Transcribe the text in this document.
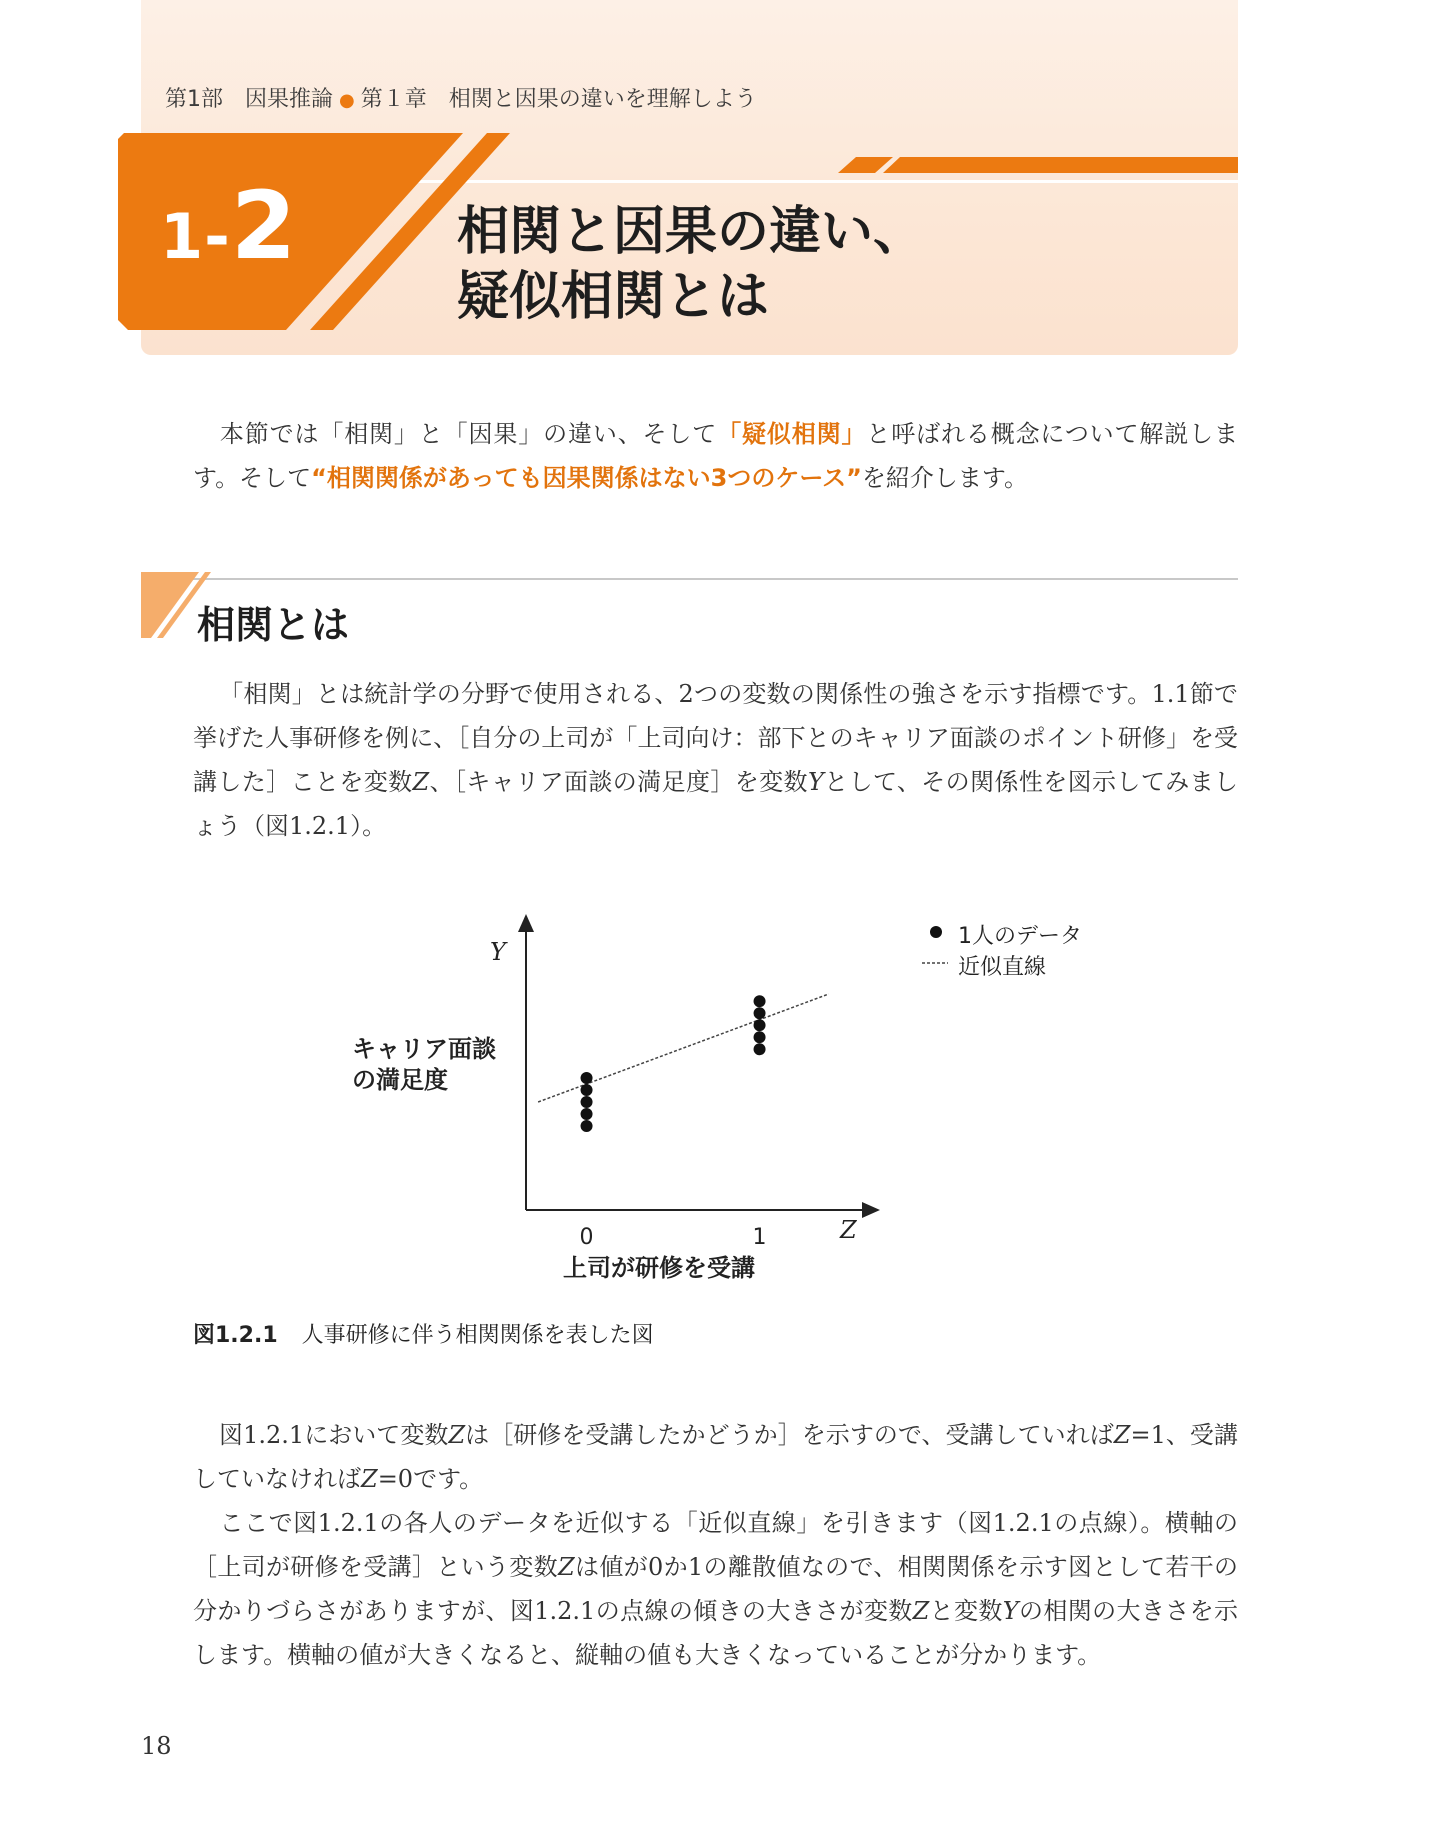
第1部　因果推論 ● 第１章　相関と因果の違いを理解しよう
1-2	相関と因果の違い、
疑似相関とは
本節では「相関」と「因果」の違い、そして「疑似相関」と呼ばれる概念について解説します。そして“相関関係があっても因果関係はない3つのケース”を紹介します。
相関とは
「相関」とは統計学の分野で使用される、2つの変数の関係性の強さを示す指標です。1.1節で挙げた人事研修を例に、［自分の上司が「上司向け：部下とのキャリア面談のポイント研修」を受講した］ことを変数Z、［キャリア面談の満足度］を変数Yとして、その関係性を図示してみましょう（図1.2.1）。
0	1
Y
Z
キャリア面談
の満足度
上司が研修を受講
1人のデータ
近似直線
図1.2.1 人事研修に伴う相関関係を表した図
図1.2.1において変数Zは［研修を受講したかどうか］を示すので、受講していればZ=1、受講していなければZ=0です。
ここで図1.2.1の各人のデータを近似する「近似直線」を引きます（図1.2.1の点線）。横軸の［上司が研修を受講］という変数Zは値が0か1の離散値なので、相関関係を示す図として若干の分かりづらさがありますが、図1.2.1の点線の傾きの大きさが変数Zと変数Yの相関の大きさを示します。横軸の値が大きくなると、縦軸の値も大きくなっていることが分かります。
18
